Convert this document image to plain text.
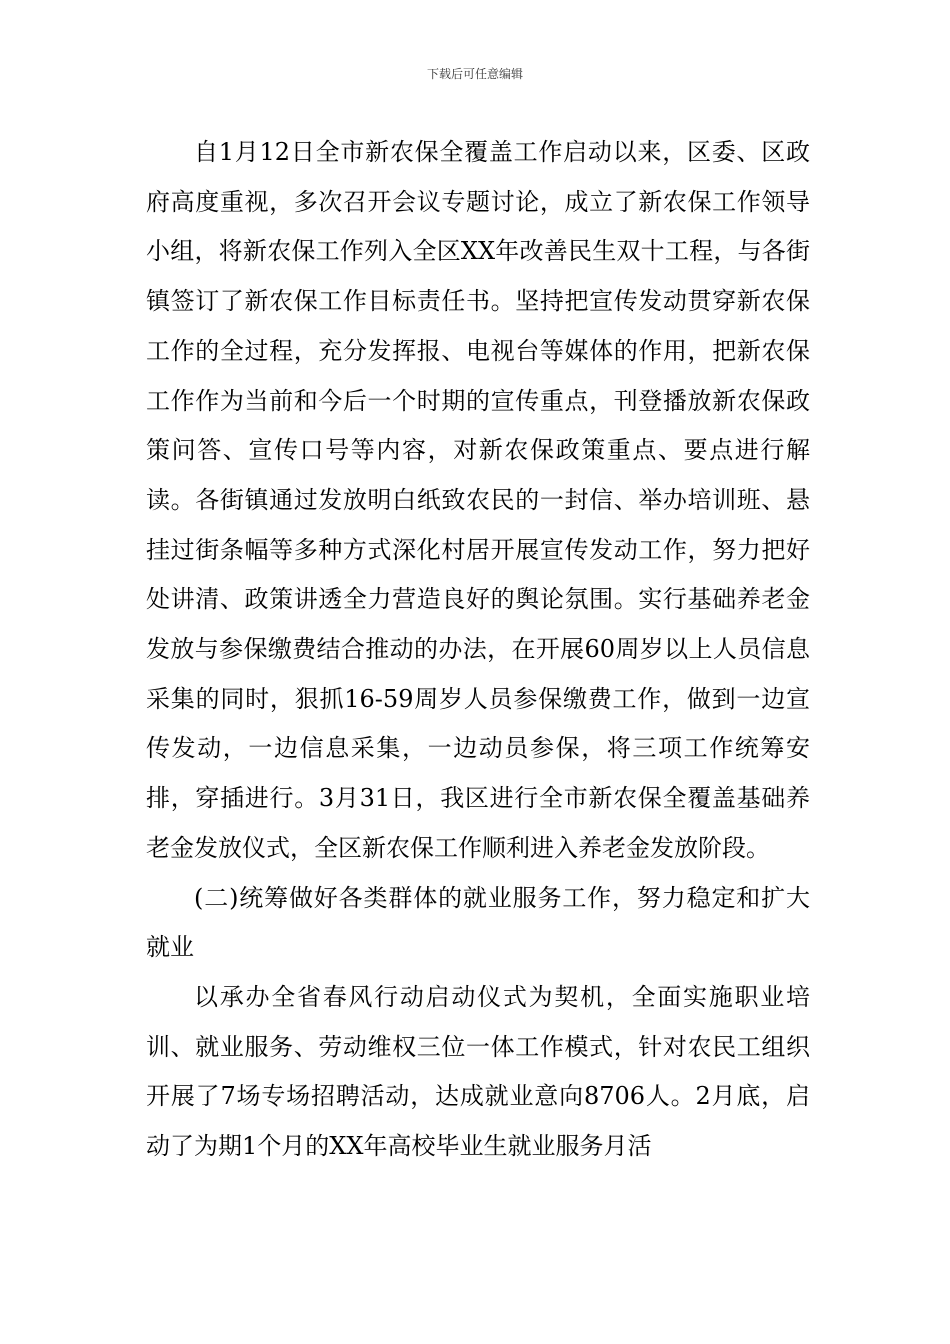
下载后可任意编辑

自1月12日全市新农保全覆盖工作启动以来，区委、区政府高度重视，多次召开会议专题讨论，成立了新农保工作领导小组，将新农保工作列入全区XX年改善民生双十工程，与各街镇签订了新农保工作目标责任书。坚持把宣传发动贯穿新农保工作的全过程，充分发挥报、电视台等媒体的作用，把新农保工作作为当前和今后一个时期的宣传重点，刊登播放新农保政策问答、宣传口号等内容，对新农保政策重点、要点进行解读。各街镇通过发放明白纸致农民的一封信、举办培训班、悬挂过街条幅等多种方式深化村居开展宣传发动工作，努力把好处讲清、政策讲透全力营造良好的舆论氛围。实行基础养老金发放与参保缴费结合推动的办法，在开展60周岁以上人员信息采集的同时，狠抓16-59周岁人员参保缴费工作，做到一边宣传发动，一边信息采集，一边动员参保，将三项工作统筹安排，穿插进行。3月31日，我区进行全市新农保全覆盖基础养老金发放仪式，全区新农保工作顺利进入养老金发放阶段。

(二)统筹做好各类群体的就业服务工作，努力稳定和扩大就业

以承办全省春风行动启动仪式为契机，全面实施职业培训、就业服务、劳动维权三位一体工作模式，针对农民工组织开展了7场专场招聘活动，达成就业意向8706人。2月底，启动了为期1个月的XX年高校毕业生就业服务月活
